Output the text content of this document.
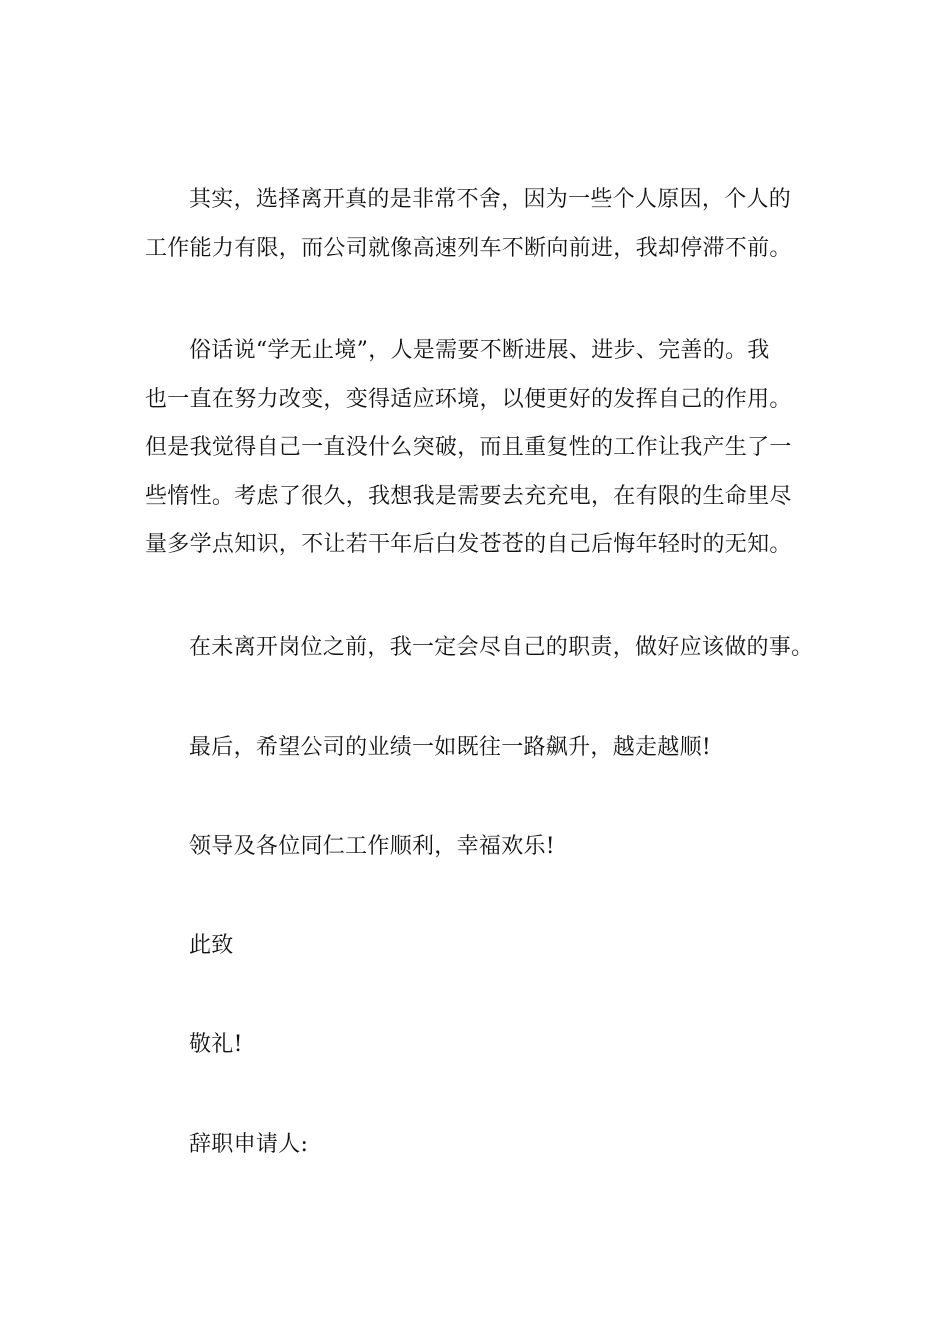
其实，选择离开真的是非常不舍，因为一些个人原因，个人的
工作能力有限，而公司就像高速列车不断向前进，我却停滞不前。
俗话说“学无止境”，人是需要不断进展、进步、完善的。我
也一直在努力改变，变得适应环境，以便更好的发挥自己的作用。
但是我觉得自己一直没什么突破，而且重复性的工作让我产生了一
些惰性。考虑了很久，我想我是需要去充充电，在有限的生命里尽
量多学点知识，不让若干年后白发苍苍的自己后悔年轻时的无知。
在未离开岗位之前，我一定会尽自己的职责，做好应该做的事。
最后，希望公司的业绩一如既往一路飙升，越走越顺!
领导及各位同仁工作顺利，幸福欢乐!
此致
敬礼!
辞职申请人:
